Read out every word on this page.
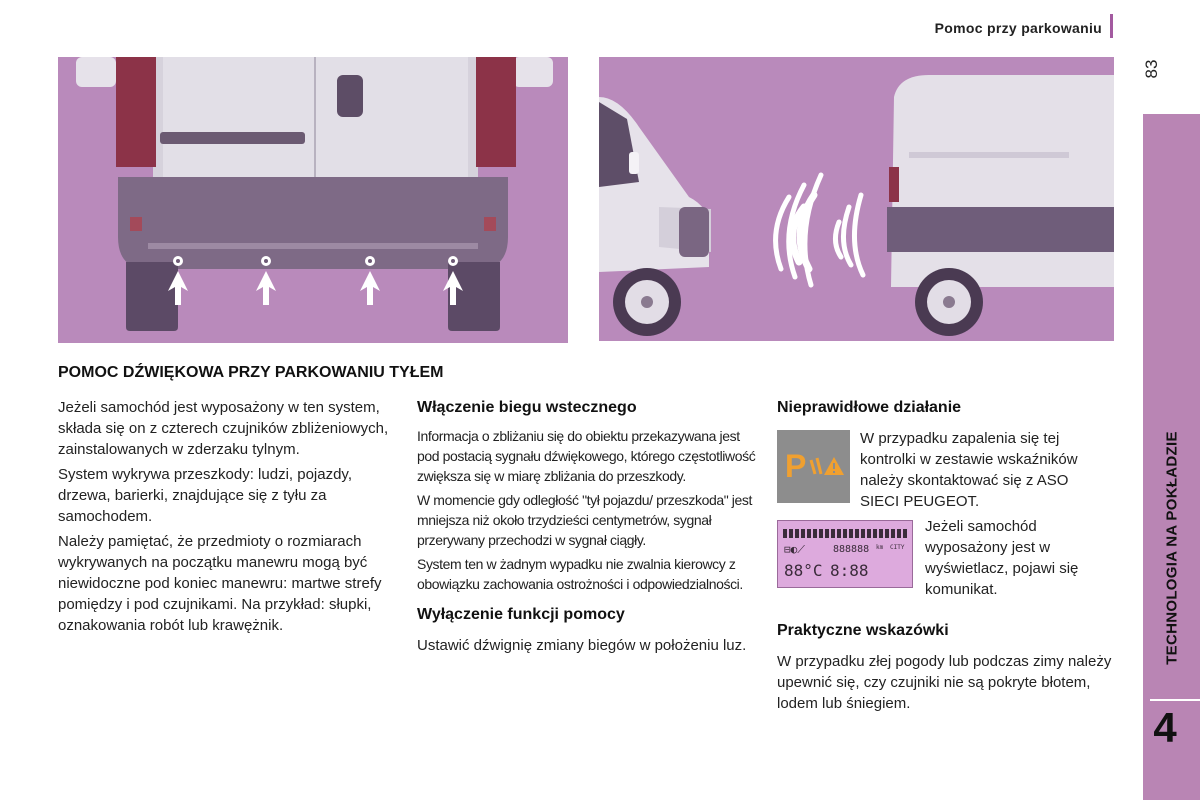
Pomoc przy parkowaniu
83
TECHNOLOGIA NA POKŁADZIE
4
POMOC DŹWIĘKOWA PRZY PARKOWANIU TYŁEM

Jeżeli samochód jest wyposażony w ten system, składa się on z czterech czujników zbliżeniowych, zainstalowanych w zderzaku tylnym.

System wykrywa przeszkody: ludzi, pojazdy, drzewa, barierki, znajdujące się z tyłu za samochodem.

Należy pamiętać, że przedmioty o rozmiarach wykrywanych na początku manewru mogą być niewidoczne pod koniec manewru: martwe strefy pomiędzy i pod czujnikami. Na przykład: słupki, oznakowania robót lub krawężnik.

Włączenie biegu wstecznego

Informacja o zbliżaniu się do obiektu przekazywana jest pod postacią sygnału dźwiękowego, którego częstotliwość zwiększa się w miarę zbliżania do przeszkody.

W momencie gdy odległość "tył pojazdu/ przeszkoda" jest mniejsza niż około trzydzieści centymetrów, sygnał przerywany przechodzi w sygnał ciągły.

System ten w żadnym wypadku nie zwalnia kierowcy z obowiązku zachowania ostrożności i odpowiedzialności.

Wyłączenie funkcji pomocy

Ustawić dźwignię zmiany biegów w położeniu luz.

Nieprawidłowe działanie
P

W przypadku zapalenia się tej kontrolki w zestawie wskaźników należy skontaktować się z ASO SIECI PEUGEOT.

⊟◐⟋	888888 km CITY
88°C 8:88

Jeżeli samochód wyposażony jest w wyświetlacz, pojawi się komunikat.

Praktyczne wskazówki

W przypadku złej pogody lub podczas zimy należy upewnić się, czy czujniki nie są pokryte błotem, lodem lub śniegiem.
